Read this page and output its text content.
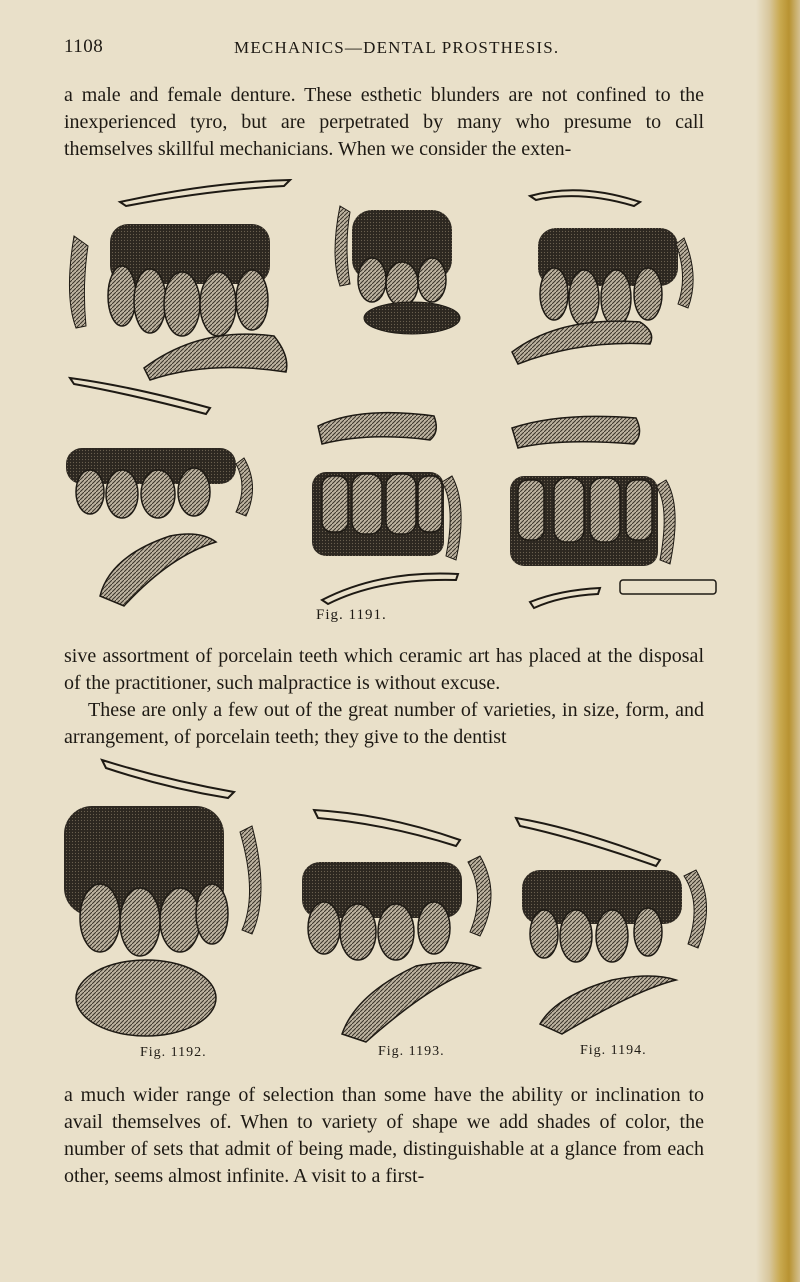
1108	MECHANICS—DENTAL PROSTHESIS.

a male and female denture. These esthetic blunders are not confined to the inexperienced tyro, but are perpetrated by many who presume to call themselves skillful mechanicians. When we consider the exten-

Fig. 1191.

sive assortment of porcelain teeth which ceramic art has placed at the disposal of the practitioner, such malpractice is without excuse.

These are only a few out of the great number of varieties, in size, form, and arrangement, of porcelain teeth; they give to the dentist

Fig. 1192.	Fig. 1193.	Fig. 1194.

a much wider range of selection than some have the ability or inclination to avail themselves of. When to variety of shape we add shades of color, the number of sets that admit of being made, distinguishable at a glance from each other, seems almost infinite. A visit to a first-
